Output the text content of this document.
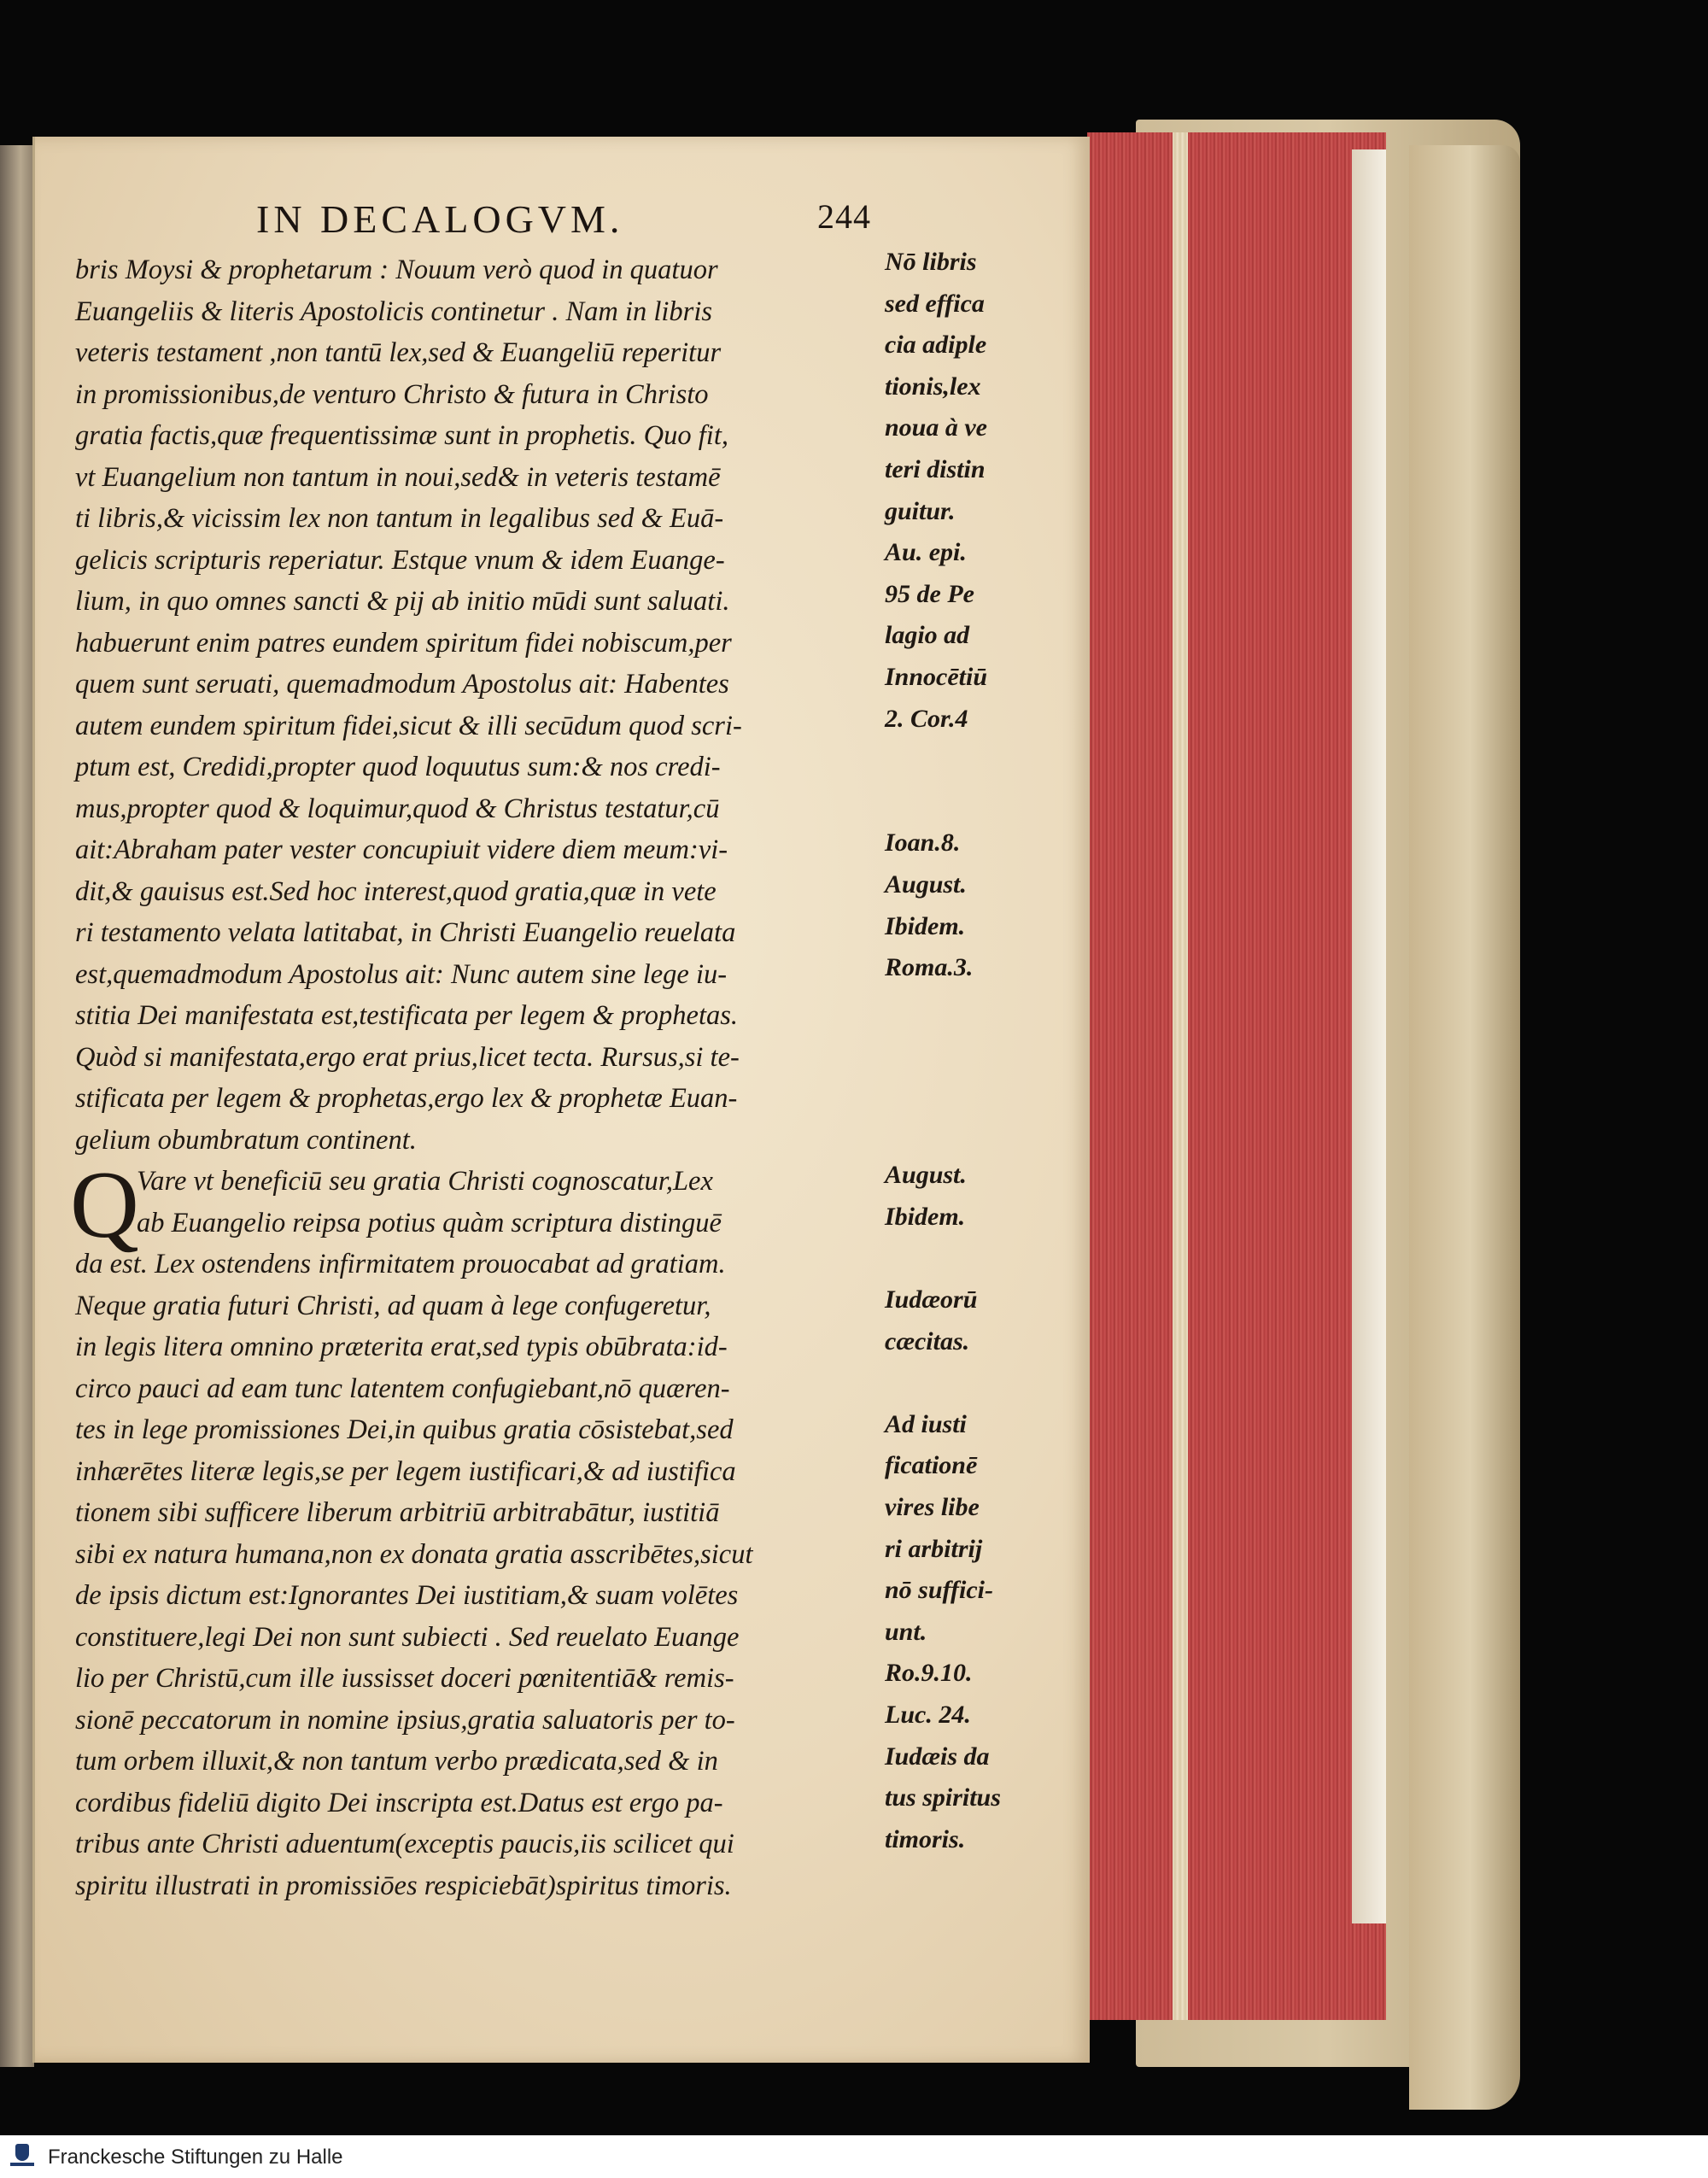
IN DECALOGVM.	244
bris Moysi & prophetarum : Nouum verò quod in quatuor
Euangeliis & literis Apostolicis continetur . Nam in libris
veteris testament ,non tantū lex,sed & Euangeliū reperitur
in promissionibus,de venturo Christo & futura in Christo
gratia factis,quæ frequentissimæ sunt in prophetis. Quo fit,
vt Euangelium non tantum in noui,sed& in veteris testamē
ti libris,& vicissim lex non tantum in legalibus sed & Euā-
gelicis scripturis reperiatur. Estque vnum & idem Euange-
lium, in quo omnes sancti & pij ab initio mūdi sunt saluati.
habuerunt enim patres eundem spiritum fidei nobiscum,per
quem sunt seruati, quemadmodum Apostolus ait: Habentes
autem eundem spiritum fidei,sicut & illi secūdum quod scri-
ptum est, Credidi,propter quod loquutus sum:& nos credi-
mus,propter quod & loquimur,quod & Christus testatur,cū
ait:Abraham pater vester concupiuit videre diem meum:vi-
dit,& gauisus est.Sed hoc interest,quod gratia,quæ in vete
ri testamento velata latitabat, in Christi Euangelio reuelata
est,quemadmodum Apostolus ait: Nunc autem sine lege iu-
stitia Dei manifestata est,testificata per legem & prophetas.
Quòd si manifestata,ergo erat prius,licet tecta. Rursus,si te-
stificata per legem & prophetas,ergo lex & prophetæ Euan-
gelium obumbratum continent.
Q
Vare vt beneficiū seu gratia Christi cognoscatur,Lex
ab Euangelio reipsa potius quàm scriptura distinguē
da est. Lex ostendens infirmitatem prouocabat ad gratiam.
Neque gratia futuri Christi, ad quam à lege confugeretur,
in legis litera omnino præterita erat,sed typis obūbrata:id-
circo pauci ad eam tunc latentem confugiebant,nō quæren-
tes in lege promissiones Dei,in quibus gratia cōsistebat,sed
inhærētes literæ legis,se per legem iustificari,& ad iustifica
tionem sibi sufficere liberum arbitriū arbitrabātur, iustitiā
sibi ex natura humana,non ex donata gratia asscribētes,sicut
de ipsis dictum est:Ignorantes Dei iustitiam,& suam volētes
constituere,legi Dei non sunt subiecti . Sed reuelato Euange
lio per Christū,cum ille iussisset doceri pœnitentiā& remis-
sionē peccatorum in nomine ipsius,gratia saluatoris per to-
tum orbem illuxit,& non tantum verbo prædicata,sed & in
cordibus fideliū digito Dei inscripta est.Datus est ergo pa-
tribus ante Christi aduentum(exceptis paucis,iis scilicet qui
spiritu illustrati in promissiōes respiciebāt)spiritus timoris.
Nō libris
sed effica
cia adiple
tionis,lex
noua à ve
teri distin
guitur.
Au. epi.
95 de Pe
lagio ad
Innocētiū
2. Cor.4
Ioan.8.
August.
Ibidem.
Roma.3.
August.
Ibidem.
Iudæorū
cæcitas.
Ad iusti
ficationē
vires libe
ri arbitrij
nō suffici-
unt.
Ro.9.10.
Luc. 24.
Iudæis da
tus spiritus
timoris.
Franckesche Stiftungen zu Halle
